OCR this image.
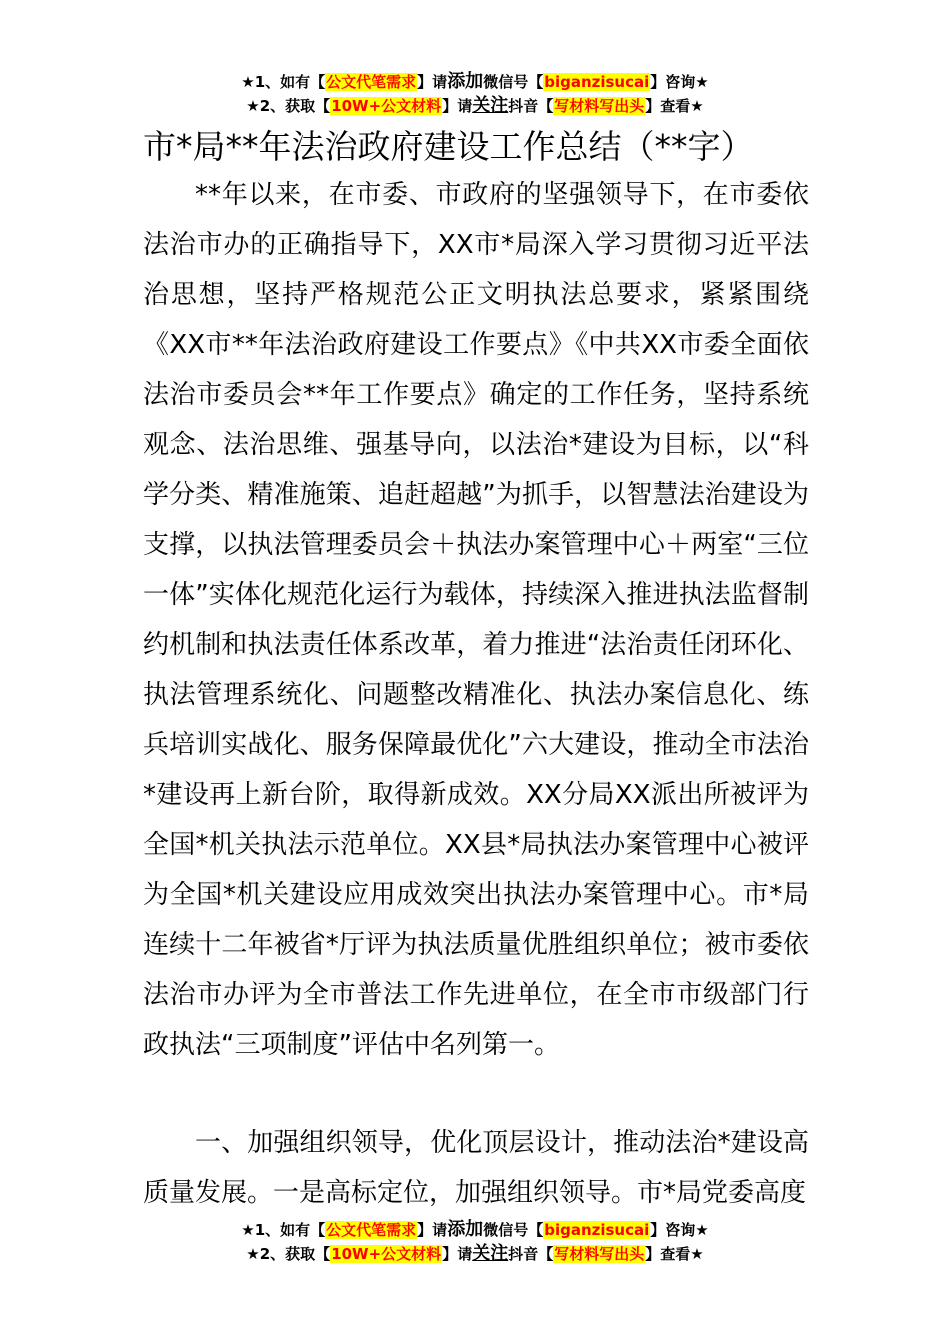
★1、如有【公文代笔需求】请添加微信号【biganzisucai】咨询★
★2、获取【10W+公文材料】请关注抖音【写材料写出头】查看★
市*局**年法治政府建设工作总结（**字）

**年以来，在市委、市政府的坚强领导下，在市委依法治市办的正确指导下，XX市*局深入学习贯彻习近平法治思想，坚持严格规范公正文明执法总要求，紧紧围绕《XX市**年法治政府建设工作要点》《中共XX市委全面依法治市委员会**年工作要点》确定的工作任务，坚持系统观念、法治思维、强基导向，以法治*建设为目标，以“科学分类、精准施策、追赶超越”为抓手，以智慧法治建设为支撑，以执法管理委员会＋执法办案管理中心＋两室“三位一体”实体化规范化运行为载体，持续深入推进执法监督制约机制和执法责任体系改革，着力推进“法治责任闭环化、执法管理系统化、问题整改精准化、执法办案信息化、练兵培训实战化、服务保障最优化”六大建设，推动全市法治*建设再上新台阶，取得新成效。XX分局XX派出所被评为全国*机关执法示范单位。XX县*局执法办案管理中心被评为全国*机关建设应用成效突出执法办案管理中心。市*局连续十二年被省*厅评为执法质量优胜组织单位；被市委依法治市办评为全市普法工作先进单位，在全市市级部门行政执法“三项制度”评估中名列第一。

一、加强组织领导，优化顶层设计，推动法治*建设高质量发展。一是高标定位，加强组织领导。市*局党委高度

★1、如有【公文代笔需求】请添加微信号【biganzisucai】咨询★
★2、获取【10W+公文材料】请关注抖音【写材料写出头】查看★
